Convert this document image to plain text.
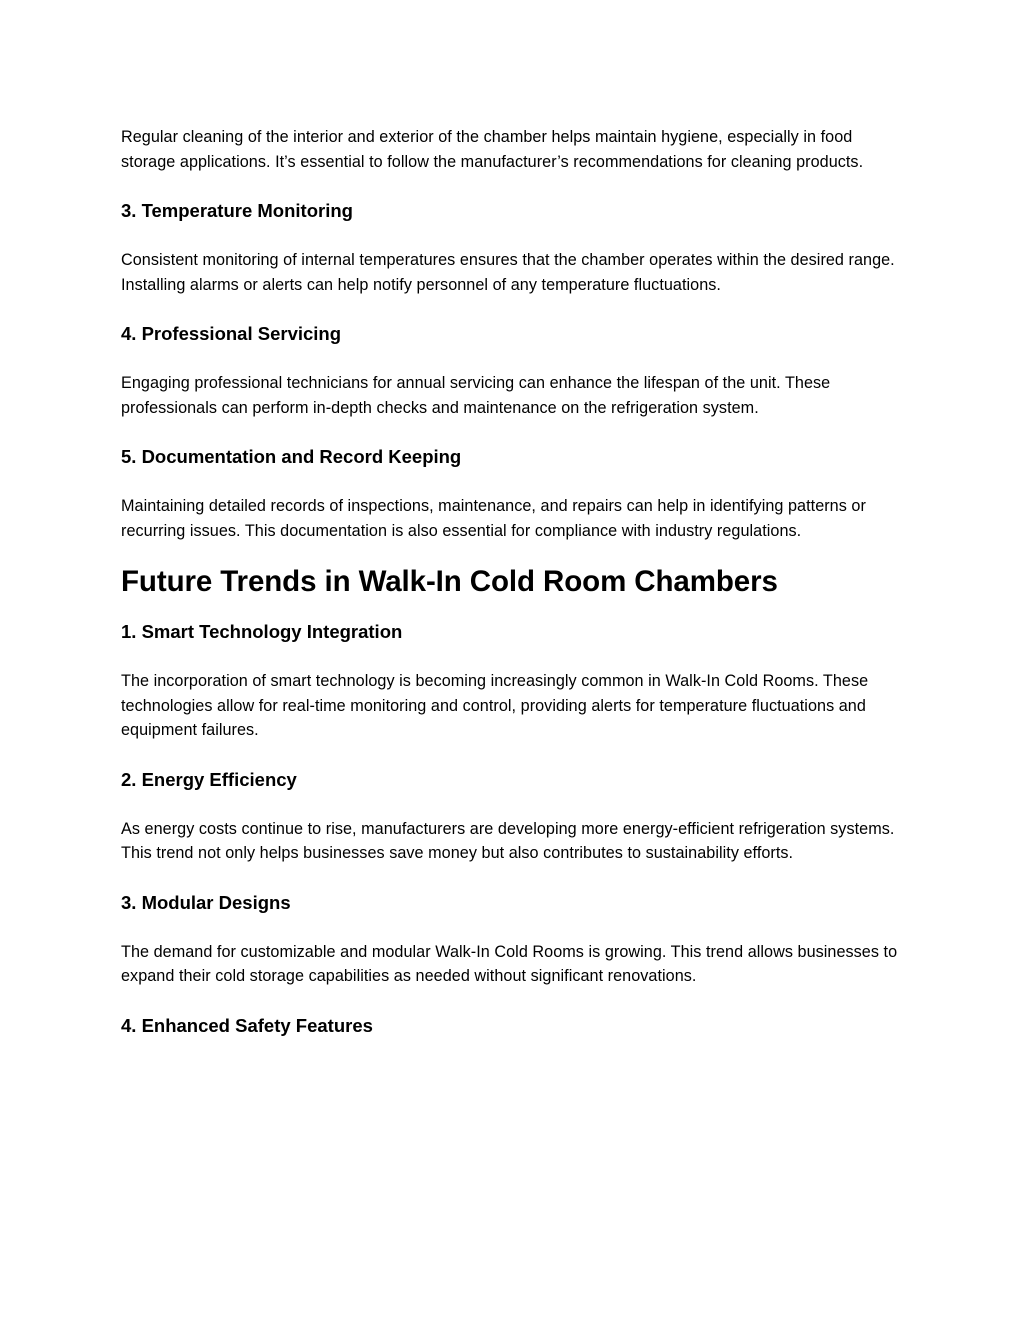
Regular cleaning of the interior and exterior of the chamber helps maintain hygiene, especially in food storage applications. It’s essential to follow the manufacturer’s recommendations for cleaning products.

3. Temperature Monitoring

Consistent monitoring of internal temperatures ensures that the chamber operates within the desired range. Installing alarms or alerts can help notify personnel of any temperature fluctuations.

4. Professional Servicing

Engaging professional technicians for annual servicing can enhance the lifespan of the unit. These professionals can perform in-depth checks and maintenance on the refrigeration system.

5. Documentation and Record Keeping

Maintaining detailed records of inspections, maintenance, and repairs can help in identifying patterns or recurring issues. This documentation is also essential for compliance with industry regulations.

Future Trends in Walk-In Cold Room Chambers
1. Smart Technology Integration

The incorporation of smart technology is becoming increasingly common in Walk-In Cold Rooms. These technologies allow for real-time monitoring and control, providing alerts for temperature fluctuations and equipment failures.

2. Energy Efficiency

As energy costs continue to rise, manufacturers are developing more energy-efficient refrigeration systems. This trend not only helps businesses save money but also contributes to sustainability efforts.

3. Modular Designs

The demand for customizable and modular Walk-In Cold Rooms is growing. This trend allows businesses to expand their cold storage capabilities as needed without significant renovations.

4. Enhanced Safety Features
